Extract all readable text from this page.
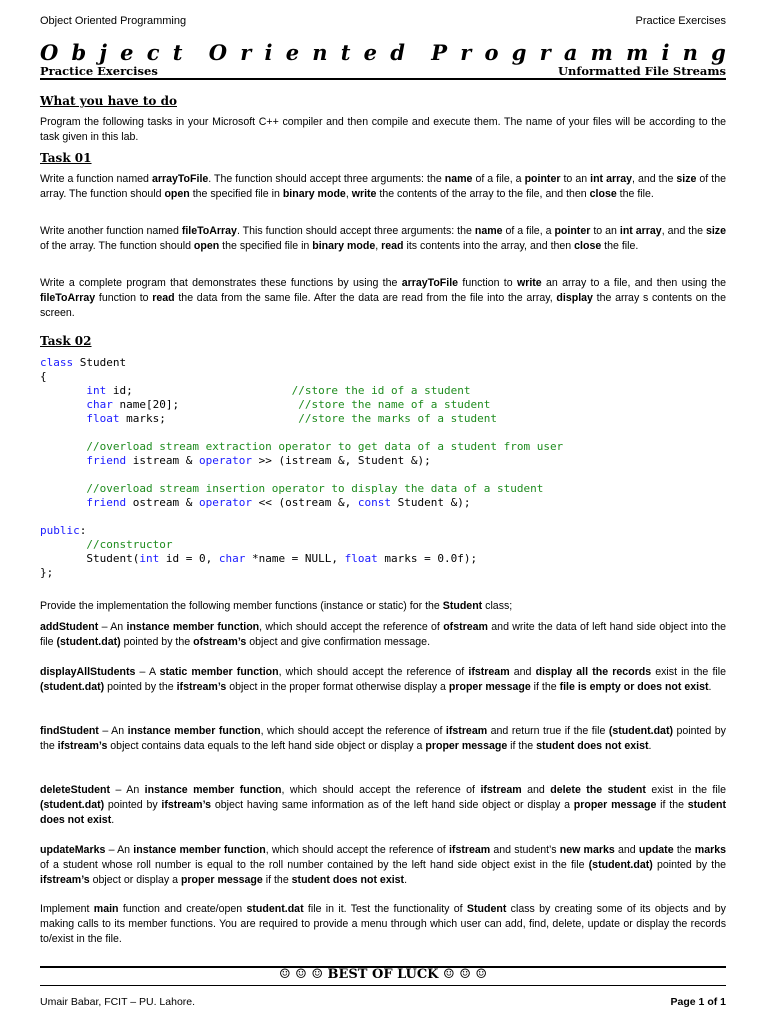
Object Oriented Programming	Practice Exercises
O b j e c t O r i e n t e d P r o g r a m m i n g
Practice Exercises	Unformatted File Streams
What you have to do
Program the following tasks in your Microsoft C++ compiler and then compile and execute them. The name of your files will be according to the task given in this lab.
Task 01
Write a function named arrayToFile. The function should accept three arguments: the name of a file, a pointer to an int array, and the size of the array. The function should open the specified file in binary mode, write the contents of the array to the file, and then close the file.
Write another function named fileToArray. This function should accept three arguments: the name of a file, a pointer to an int array, and the size of the array. The function should open the specified file in binary mode, read its contents into the array, and then close the file.
Write a complete program that demonstrates these functions by using the arrayToFile function to write an array to a file, and then using the fileToArray function to read the data from the same file. After the data are read from the file into the array, display the array s contents on the screen.
Task 02
class Student
{
int id;                        //store the id of a student
char name[20];                  //store the name of a student
float marks;                    //store the marks of a student
//overload stream extraction operator to get data of a student from user
friend istream & operator >> (istream &, Student &);
//overload stream insertion operator to display the data of a student
friend ostream & operator << (ostream &, const Student &);
public:
//constructor
Student(int id = 0, char *name = NULL, float marks = 0.0f);
};
Provide the implementation the following member functions (instance or static) for the Student class;
addStudent – An instance member function, which should accept the reference of ofstream and write the data of left hand side object into the file (student.dat) pointed by the ofstream’s object and give confirmation message.
displayAllStudents – A static member function, which should accept the reference of ifstream and display all the records exist in the file (student.dat) pointed by the ifstream’s object in the proper format otherwise display a proper message if the file is empty or does not exist.
findStudent – An instance member function, which should accept the reference of ifstream and return true if the file (student.dat) pointed by the ifstream’s object contains data equals to the left hand side object or display a proper message if the student does not exist.
deleteStudent – An instance member function, which should accept the reference of ifstream and delete the student exist in the file (student.dat) pointed by ifstream’s object having same information as of the left hand side object or display a proper message if the student does not exist.
updateMarks – An instance member function, which should accept the reference of ifstream and student’s new marks and update the marks of a student whose roll number is equal to the roll number contained by the left hand side object exist in the file (student.dat) pointed by the ifstream’s object or display a proper message if the student does not exist.
Implement main function and create/open student.dat file in it. Test the functionality of Student class by creating some of its objects and by making calls to its member functions. You are required to provide a menu through which user can add, find, delete, update or display the records to/exist in the file.
☺ ☺ ☺ BEST OF LUCK ☺ ☺ ☺
Umair Babar, FCIT – PU. Lahore.	Page 1 of 1
